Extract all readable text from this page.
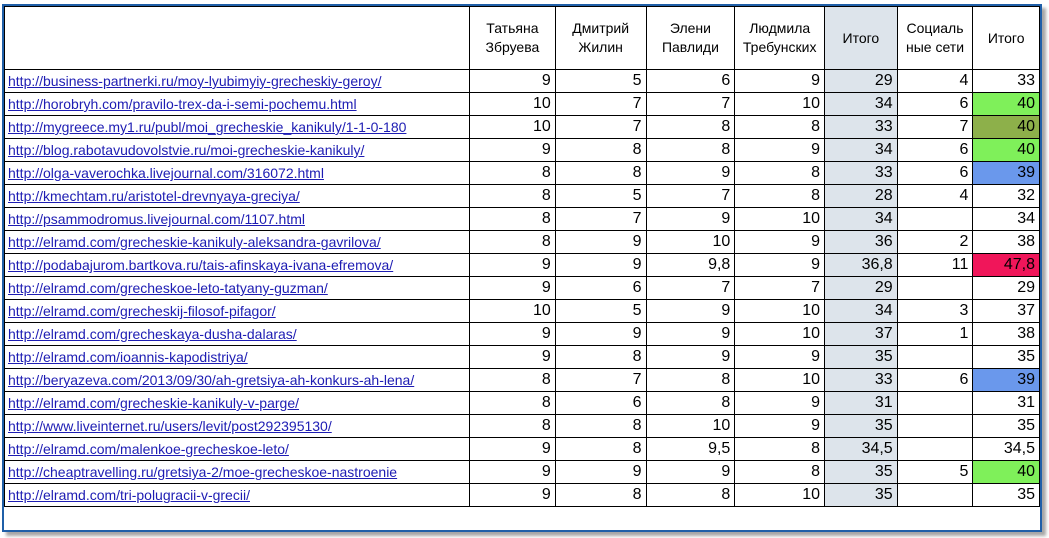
	Татьяна Збруева	Дмитрий Жилин	Элени Павлиди	Людмила Требунских	Итого	Социаль ные сети	Итого
http://business-partnerki.ru/moy-lyubimyiy-grecheskiy-geroy/	9	5	6	9	29	4	33
http://horobryh.com/pravilo-trex-da-i-semi-pochemu.html	10	7	7	10	34	6	40
http://mygreece.my1.ru/publ/moi_grecheskie_kanikuly/1-1-0-180	10	7	8	8	33	7	40
http://blog.rabotavudovolstvie.ru/moi-grecheskie-kanikuly/	9	8	8	9	34	6	40
http://olga-vaverochka.livejournal.com/316072.html	8	8	9	8	33	6	39
http://kmechtam.ru/aristotel-drevnyaya-greciya/	8	5	7	8	28	4	32
http://psammodromus.livejournal.com/1107.html	8	7	9	10	34		34
http://elramd.com/grecheskie-kanikuly-aleksandra-gavrilova/	8	9	10	9	36	2	38
http://podabajurom.bartkova.ru/tais-afinskaya-ivana-efremova/	9	9	9,8	9	36,8	11	47,8
http://elramd.com/grecheskoe-leto-tatyany-guzman/	9	6	7	7	29		29
http://elramd.com/grecheskij-filosof-pifagor/	10	5	9	10	34	3	37
http://elramd.com/grecheskaya-dusha-dalaras/	9	9	9	10	37	1	38
http://elramd.com/ioannis-kapodistriya/	9	8	9	9	35		35
http://beryazeva.com/2013/09/30/ah-gretsiya-ah-konkurs-ah-lena/	8	7	8	10	33	6	39
http://elramd.com/grecheskie-kanikuly-v-parge/	8	6	8	9	31		31
http://www.liveinternet.ru/users/levit/post292395130/	8	8	10	9	35		35
http://elramd.com/malenkoe-grecheskoe-leto/	9	8	9,5	8	34,5		34,5
http://cheaptravelling.ru/gretsiya-2/moe-grecheskoe-nastroenie	9	9	9	8	35	5	40
http://elramd.com/tri-polugracii-v-grecii/	9	8	8	10	35		35
